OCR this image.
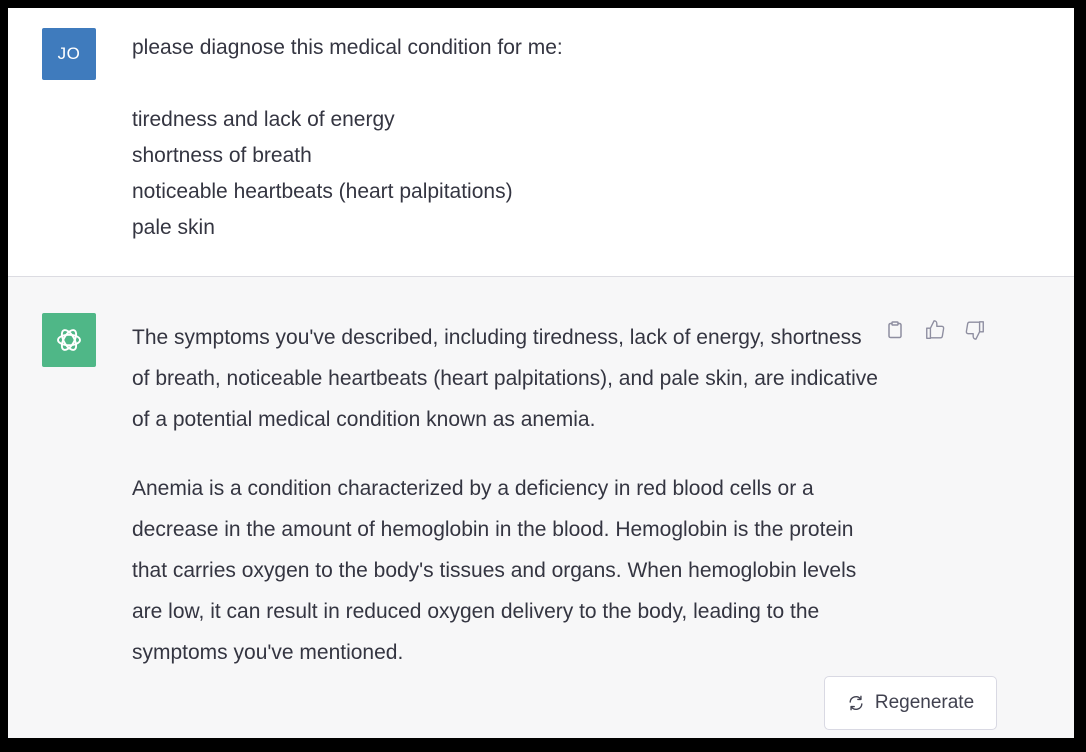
JO please diagnose this medical condition for me:
tiredness and lack of energy
shortness of breath
noticeable heartbeats (heart palpitations)
pale skin

The symptoms you've described, including tiredness, lack of energy, shortness of breath, noticeable heartbeats (heart palpitations), and pale skin, are indicative of a potential medical condition known as anemia.

Anemia is a condition characterized by a deficiency in red blood cells or a decrease in the amount of hemoglobin in the blood. Hemoglobin is the protein that carries oxygen to the body's tissues and organs. When hemoglobin levels are low, it can result in reduced oxygen delivery to the body, leading to the symptoms you've mentioned.

Regenerate
